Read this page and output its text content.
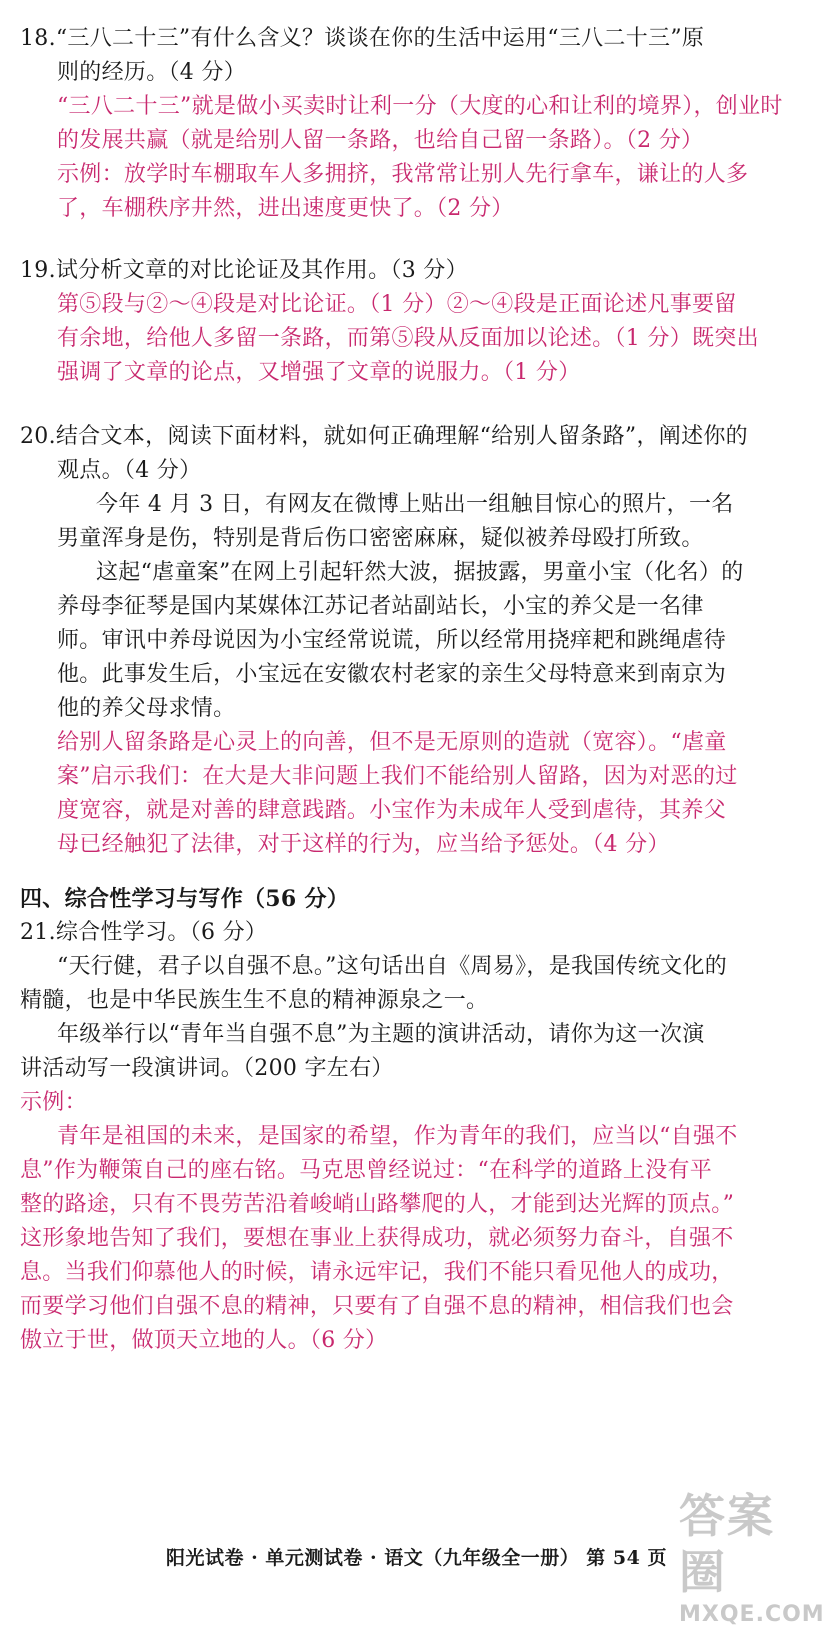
18.“三八二十三”有什么含义？谈谈在你的生活中运用“三八二十三”原
则的经历。（4 分）
“三八二十三”就是做小买卖时让利一分（大度的心和让利的境界），创业时
的发展共赢（就是给别人留一条路，也给自己留一条路）。（2 分）
示例：放学时车棚取车人多拥挤，我常常让别人先行拿车，谦让的人多
了，车棚秩序井然，进出速度更快了。（2 分）
19.试分析文章的对比论证及其作用。（3 分）
第⑤段与②～④段是对比论证。（1 分）②～④段是正面论述凡事要留
有余地，给他人多留一条路，而第⑤段从反面加以论述。（1 分）既突出
强调了文章的论点，又增强了文章的说服力。（1 分）
20.结合文本，阅读下面材料，就如何正确理解“给别人留条路”，阐述你的
观点。（4 分）
今年 4 月 3 日，有网友在微博上贴出一组触目惊心的照片，一名
男童浑身是伤，特别是背后伤口密密麻麻，疑似被养母殴打所致。
这起“虐童案”在网上引起轩然大波，据披露，男童小宝（化名）的
养母李征琴是国内某媒体江苏记者站副站长，小宝的养父是一名律
师。审讯中养母说因为小宝经常说谎，所以经常用挠痒耙和跳绳虐待
他。此事发生后，小宝远在安徽农村老家的亲生父母特意来到南京为
他的养父母求情。
给别人留条路是心灵上的向善，但不是无原则的造就（宽容）。“虐童
案”启示我们：在大是大非问题上我们不能给别人留路，因为对恶的过
度宽容，就是对善的肆意践踏。小宝作为未成年人受到虐待，其养父
母已经触犯了法律，对于这样的行为，应当给予惩处。（4 分）
四、综合性学习与写作（56 分）
21.综合性学习。（6 分）
“天行健，君子以自强不息。”这句话出自《周易》，是我国传统文化的
精髓，也是中华民族生生不息的精神源泉之一。
年级举行以“青年当自强不息”为主题的演讲活动，请你为这一次演
讲活动写一段演讲词。（200 字左右）
示例：
青年是祖国的未来，是国家的希望，作为青年的我们，应当以“自强不
息”作为鞭策自己的座右铭。马克思曾经说过：“在科学的道路上没有平
整的路途，只有不畏劳苦沿着峻峭山路攀爬的人，才能到达光辉的顶点。”
这形象地告知了我们，要想在事业上获得成功，就必须努力奋斗，自强不
息。当我们仰慕他人的时候，请永远牢记，我们不能只看见他人的成功，
而要学习他们自强不息的精神，只要有了自强不息的精神，相信我们也会
傲立于世，做顶天立地的人。（6 分）
答案圈
MXQE.COM
阳光试卷 · 单元测试卷 · 语文（九年级全一册） 第 54 页
